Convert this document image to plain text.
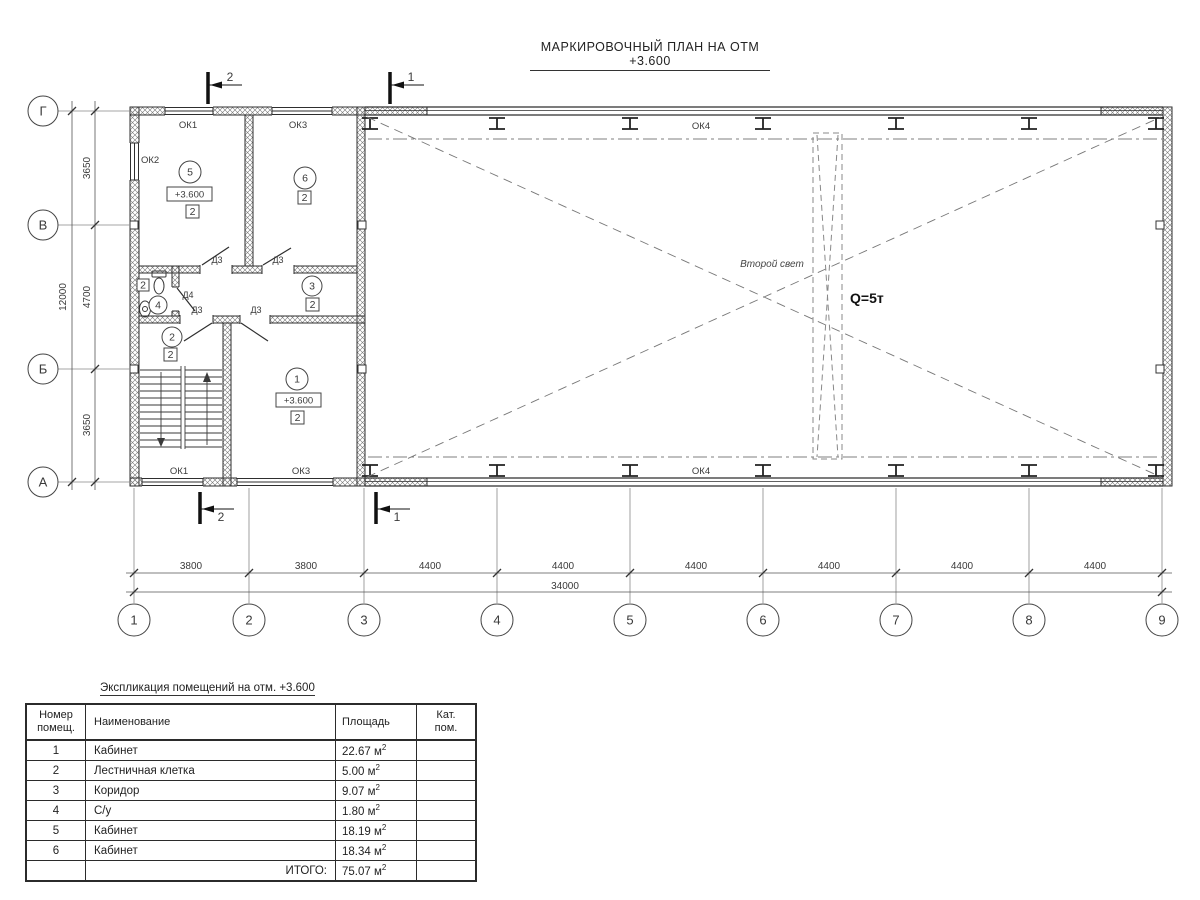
МАРКИРОВОЧНЫЙ ПЛАН НА ОТМ +3.600
1	2	3	4	5	6	7	8	9
Г
В
Б
А
3800	3800	4400	4400	4400	4400	4400	4400
34000
3650
4700
3650
12000
2	1
2	1
5	6
3
4
2
1
+3.600
+3.600
2
2
2
2
2
2
ОК1	ОК3
ОК1	ОК3
ОК4
ОК4
ОК2
Д3	Д3
Д3	Д3
Д4
Второй свет
Q=5т
Экспликация помещений на отм. +3.600
Номер
помещ.	Наименование	Площадь	Кат.
пом.
1	Кабинет	22.67 $м^2$	
2	Лестничная клетка	5.00 $м^2$	
3	Коридор	9.07 $м^2$	
4	С/у	1.80 $м^2$	
5	Кабинет	18.19 $м^2$	
6	Кабинет	18.34 $м^2$	
	ИТОГО:	75.07 $м^2$	
